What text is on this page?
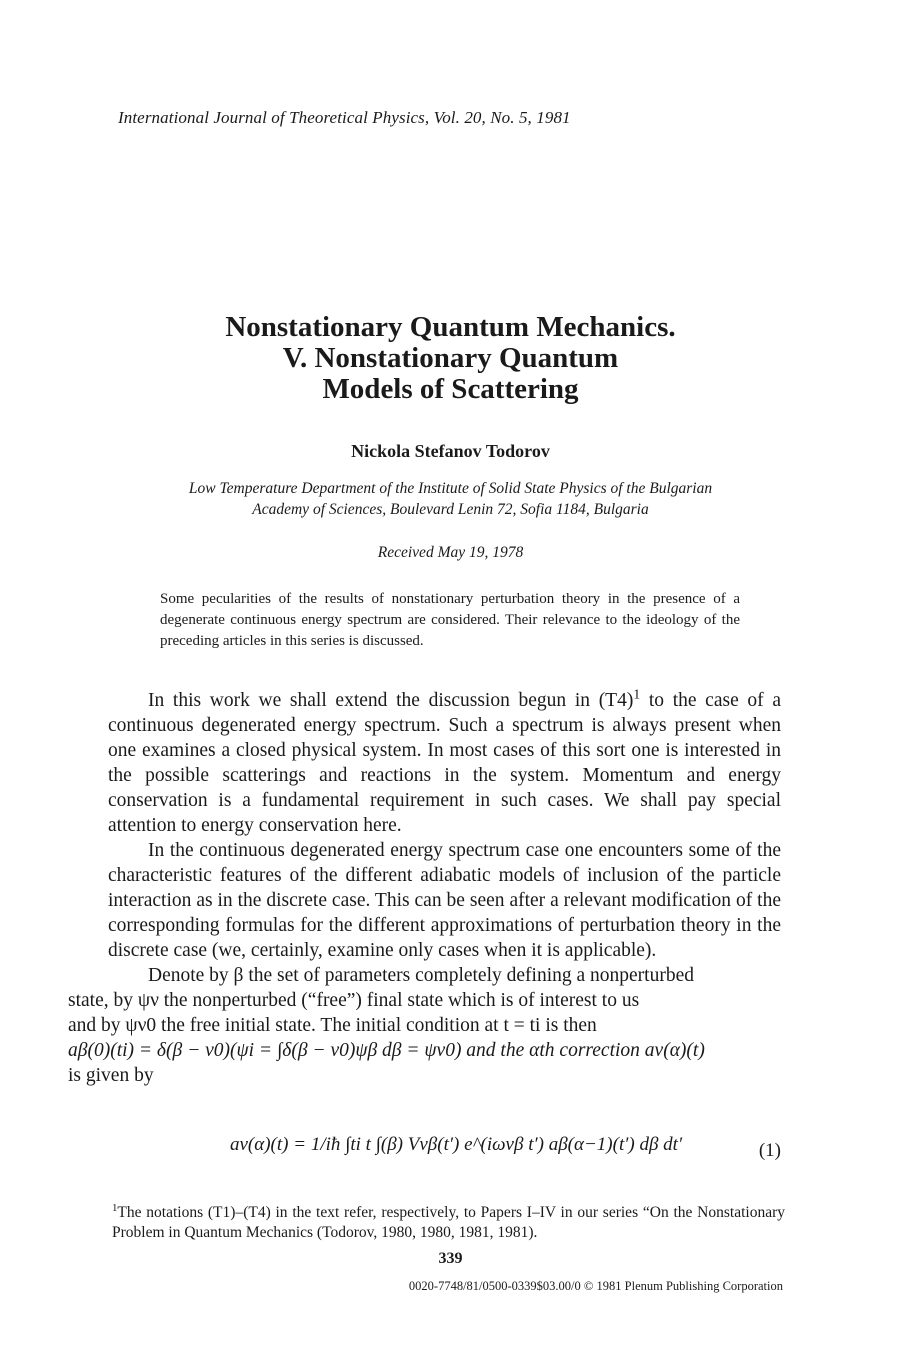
International Journal of Theoretical Physics, Vol. 20, No. 5, 1981
Nonstationary Quantum Mechanics.
V. Nonstationary Quantum
Models of Scattering
Nickola Stefanov Todorov
Low Temperature Department of the Institute of Solid State Physics of the Bulgarian
Academy of Sciences, Boulevard Lenin 72, Sofia 1184, Bulgaria
Received May 19, 1978
Some pecularities of the results of nonstationary perturbation theory in the presence of a degenerate continuous energy spectrum are considered. Their relevance to the ideology of the preceding articles in this series is discussed.

In this work we shall extend the discussion begun in $(T4)^1$ to the case of a continuous degenerated energy spectrum. Such a spectrum is always present when one examines a closed physical system. In most cases of this sort one is interested in the possible scatterings and reactions in the system. Momentum and energy conservation is a fundamental requirement in such cases. We shall pay special attention to energy conservation here.

In the continuous degenerated energy spectrum case one encounters some of the characteristic features of the different adiabatic models of inclusion of the particle interaction as in the discrete case. This can be seen after a relevant modification of the corresponding formulas for the different approximations of perturbation theory in the discrete case (we, certainly, examine only cases when it is applicable).

Denote by β the set of parameters completely defining a nonperturbed
state, by ψν the nonperturbed (“free”) final state which is of interest to us
and by ψν0 the free initial state. The initial condition at t = ti is then
aβ(0)(ti) = δ(β − ν0)(ψi = ∫δ(β − ν0)ψβ dβ = ψν0) and the αth correction aν(α)(t)
is given by

aν(α)(t) = 1/iħ ∫ti t ∫(β) Vνβ(t′) e^(iωνβ t′) aβ(α−1)(t′) dβ dt′	(1)
$^1$The notations (T1)–(T4) in the text refer, respectively, to Papers I–IV in our series “On the Nonstationary Problem in Quantum Mechanics (Todorov, 1980, 1980, 1981, 1981).
339
0020-7748/81/0500-0339$03.00/0 © 1981 Plenum Publishing Corporation
